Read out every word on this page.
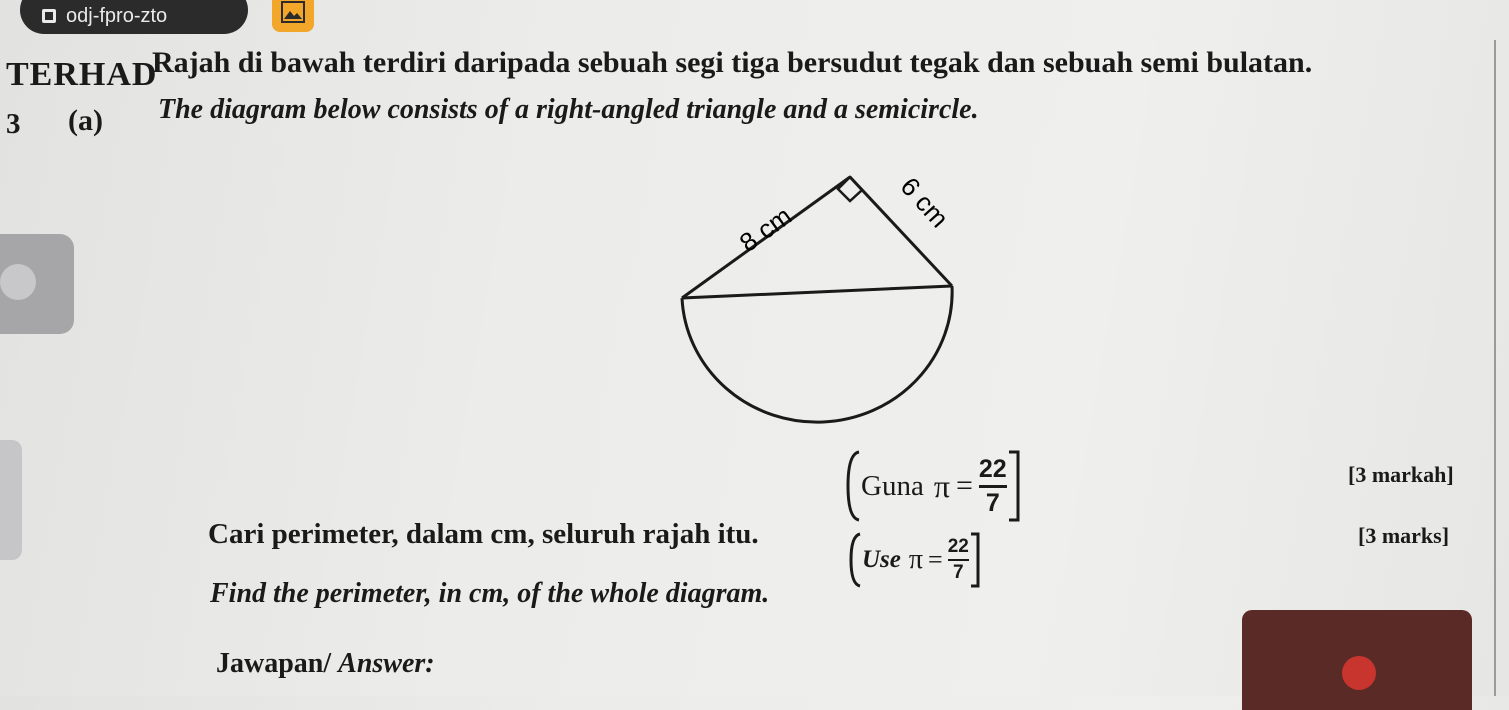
odj-fpro-zto
TERHAD
3 (a)
Rajah di bawah terdiri daripada sebuah segi tiga bersudut tegak dan sebuah semi bulatan.
The diagram below consists of a right-angled triangle and a semicircle.
8 cm	6 cm
Cari perimeter, dalam cm, seluruh rajah itu.
Guna $\pi = \frac{22}{7}$	[3 markah]
Find the perimeter, in cm, of the whole diagram.
Use $\pi = \frac{22}{7}$
[3 marks]
Jawapan/ Answer:
